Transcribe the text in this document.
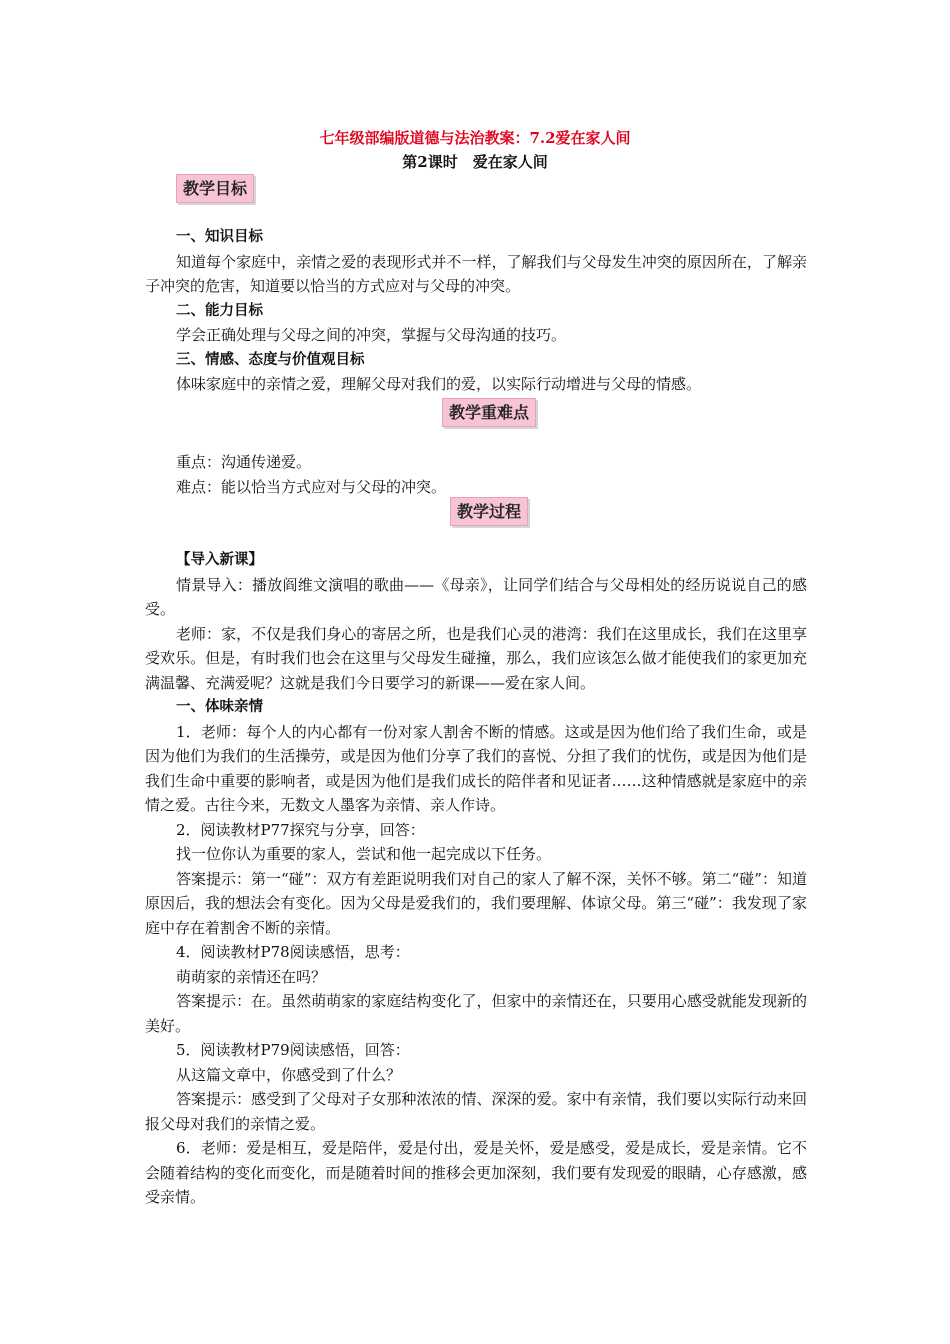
七年级部编版道德与法治教案：7.2爱在家人间
第2课时　爱在家人间
教学目标

一、知识目标

知道每个家庭中，亲情之爱的表现形式并不一样，了解我们与父母发生冲突的原因所在，了解亲子冲突的危害，知道要以恰当的方式应对与父母的冲突。

二、能力目标

学会正确处理与父母之间的冲突，掌握与父母沟通的技巧。

三、情感、态度与价值观目标

体味家庭中的亲情之爱，理解父母对我们的爱，以实际行动增进与父母的情感。

教学重难点

重点：沟通传递爱。

难点：能以恰当方式应对与父母的冲突。

教学过程

【导入新课】

情景导入：播放阎维文演唱的歌曲——《母亲》，让同学们结合与父母相处的经历说说自己的感受。

老师：家，不仅是我们身心的寄居之所，也是我们心灵的港湾：我们在这里成长，我们在这里享受欢乐。但是，有时我们也会在这里与父母发生碰撞，那么，我们应该怎么做才能使我们的家更加充满温馨、充满爱呢？这就是我们今日要学习的新课——爱在家人间。

一、体味亲情

1．老师：每个人的内心都有一份对家人割舍不断的情感。这或是因为他们给了我们生命，或是因为他们为我们的生活操劳，或是因为他们分享了我们的喜悦、分担了我们的忧伤，或是因为他们是我们生命中重要的影响者，或是因为他们是我们成长的陪伴者和见证者……这种情感就是家庭中的亲情之爱。古往今来，无数文人墨客为亲情、亲人作诗。

2．阅读教材P77探究与分享，回答：

找一位你认为重要的家人，尝试和他一起完成以下任务。

答案提示：第一“碰”：双方有差距说明我们对自己的家人了解不深，关怀不够。第二“碰”：知道原因后，我的想法会有变化。因为父母是爱我们的，我们要理解、体谅父母。第三“碰”：我发现了家庭中存在着割舍不断的亲情。

4．阅读教材P78阅读感悟，思考：

萌萌家的亲情还在吗？

答案提示：在。虽然萌萌家的家庭结构变化了，但家中的亲情还在，只要用心感受就能发现新的美好。

5．阅读教材P79阅读感悟，回答：

从这篇文章中，你感受到了什么？

答案提示：感受到了父母对子女那种浓浓的情、深深的爱。家中有亲情，我们要以实际行动来回报父母对我们的亲情之爱。

6．老师：爱是相互，爱是陪伴，爱是付出，爱是关怀，爱是感受，爱是成长，爱是亲情。它不会随着结构的变化而变化，而是随着时间的推移会更加深刻，我们要有发现爱的眼睛，心存感激，感受亲情。
